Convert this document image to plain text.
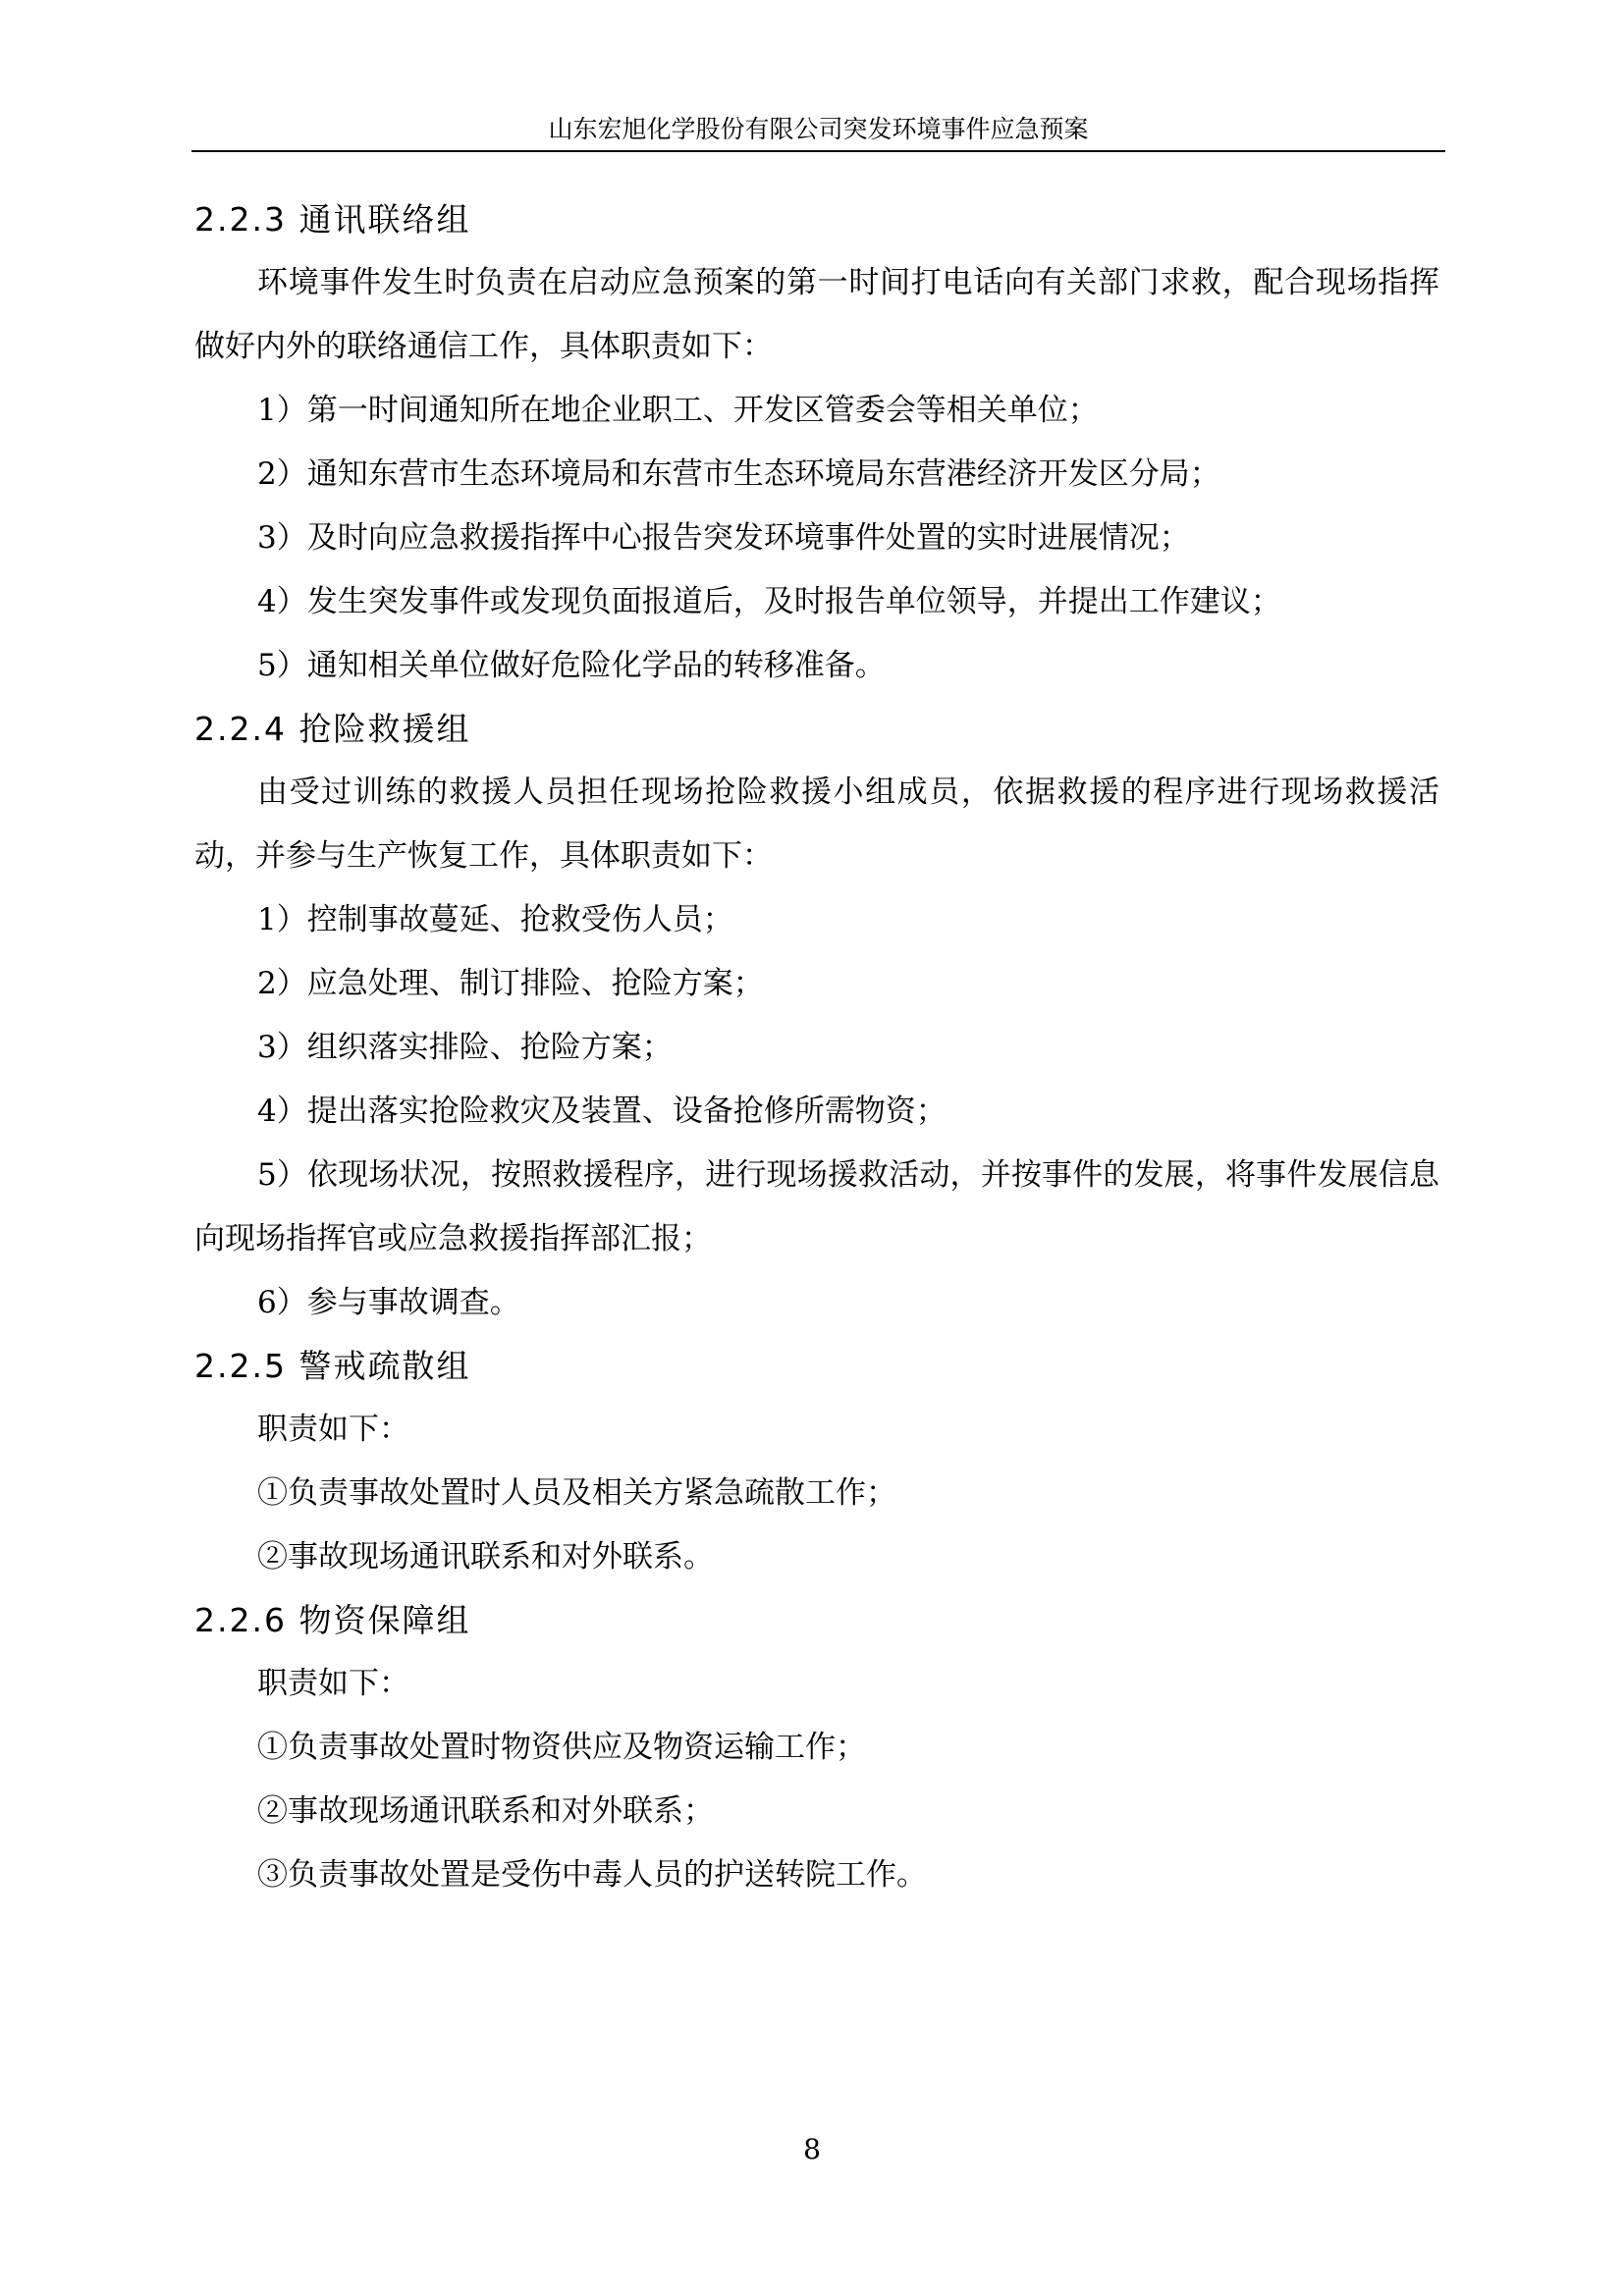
山东宏旭化学股份有限公司突发环境事件应急预案

2.2.3 通讯联络组

环境事件发生时负责在启动应急预案的第一时间打电话向有关部门求救，配合现场指挥做好内外的联络通信工作，具体职责如下：

1）第一时间通知所在地企业职工、开发区管委会等相关单位；

2）通知东营市生态环境局和东营市生态环境局东营港经济开发区分局；

3）及时向应急救援指挥中心报告突发环境事件处置的实时进展情况；

4）发生突发事件或发现负面报道后，及时报告单位领导，并提出工作建议；

5）通知相关单位做好危险化学品的转移准备。

2.2.4 抢险救援组

由受过训练的救援人员担任现场抢险救援小组成员，依据救援的程序进行现场救援活动，并参与生产恢复工作，具体职责如下：

1）控制事故蔓延、抢救受伤人员；

2）应急处理、制订排险、抢险方案；

3）组织落实排险、抢险方案；

4）提出落实抢险救灾及装置、设备抢修所需物资；

5）依现场状况，按照救援程序，进行现场援救活动，并按事件的发展，将事件发展信息向现场指挥官或应急救援指挥部汇报；

6）参与事故调查。

2.2.5 警戒疏散组

职责如下：

①负责事故处置时人员及相关方紧急疏散工作；

②事故现场通讯联系和对外联系。

2.2.6 物资保障组

职责如下：

①负责事故处置时物资供应及物资运输工作；

②事故现场通讯联系和对外联系；

③负责事故处置是受伤中毒人员的护送转院工作。

8
